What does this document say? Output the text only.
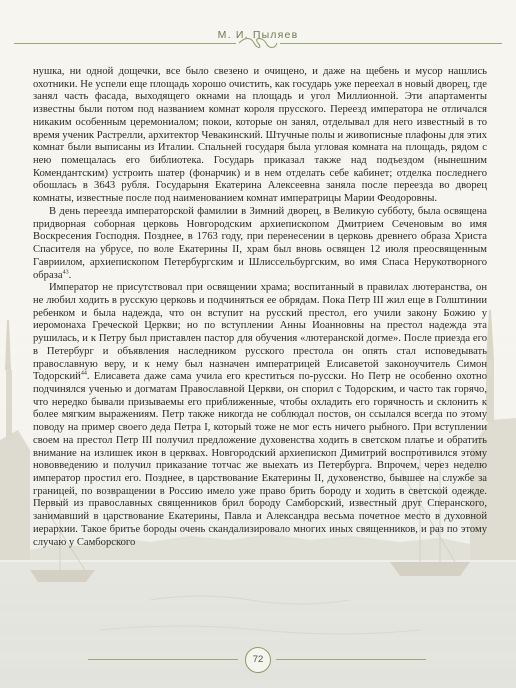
М. И. Пыляев

нушка, ни одной дощечки, все было свезено и очищено, и даже на щебень и мусор нашлись охотники. Не успели еще площадь хорошо очистить, как государь уже переехал в новый дворец, где занял часть фасада, выходящего окнами на площадь и угол Миллионной. Эти апартаменты известны были потом под названием комнат короля прусского. Переезд императора не отличался никаким особенным церемониалом; покои, которые он занял, отделывал для него известный в то время ученик Растрелли, архитектор Чевакинский. Штучные полы и живописные плафоны для этих комнат были выписаны из Италии. Спальней государя была угловая комната на площадь, рядом с нею помещалась его библиотека. Государь приказал также над подъездом (нынешним Комендантским) устроить шатер (фонарчик) и в нем отделать себе кабинет; отделка последнего обошлась в 3643 рубля. Государыня Екатерина Алексеевна заняла после переезда во дворец комнаты, известные после под наименованием комнат императрицы Марии Феодоровны.

В день переезда императорской фамилии в Зимний дворец, в Великую субботу, была освящена придворная соборная церковь Новгородским архиепископом Дмитрием Сеченовым во имя Воскресения Господня. Позднее, в 1763 году, при перенесении в церковь древнего образа Христа Спасителя на убрусе, по воле Екатерины II, храм был вновь освящен 12 июля преосвященным Гавриилом, архиепископом Петербургским и Шлиссельбургским, во имя Спаса Нерукотворного образа$^{43}$.

Император не присутствовал при освящении храма; воспитанный в правилах лютеранства, он не любил ходить в русскую церковь и подчиняться ее обрядам. Пока Петр III жил еще в Голштинии ребенком и была надежда, что он вступит на русский престол, его учили закону Божию у иеромонаха Греческой Церкви; но по вступлении Анны Иоанновны на престол надежда эта рушилась, и к Петру был приставлен пастор для обучения «лютеранской догме». После приезда его в Петербург и объявления наследником русского престола он опять стал исповедывать православную веру, и к нему был назначен императрицей Елисаветой законоучитель Симон Тодорский$^{44}$. Елисавета даже сама учила его креститься по-русски. Но Петр не особенно охотно подчинялся ученью и догматам Православной Церкви, он спорил с Тодорским, и часто так горячо, что нередко бывали призываемы его приближенные, чтобы охладить его горячность и склонить к более мягким выражениям. Петр также никогда не соблюдал постов, он ссылался всегда по этому поводу на пример своего деда Петра I, который тоже не мог есть ничего рыбного. При вступлении своем на престол Петр III получил предложение духовенства ходить в светском платье и обратить внимание на излишек икон в церквах. Новгородский архиепископ Димитрий воспротивился этому нововведению и получил приказание тотчас же выехать из Петербурга. Впрочем, через неделю император простил его. Позднее, в царствование Екатерины II, духовенство, бывшее на службе за границей, по возвращении в Россию имело уже право брить бороду и ходить в светской одежде. Первый из православных священников брил бороду Самборский, известный друг Сперанского, занимавший в царствование Екатерины, Павла и Александра весьма почетное место в духовной иерархии. Такое бритье бороды очень скандализировало многих иных священников, и раз по этому случаю у Самборского

72
